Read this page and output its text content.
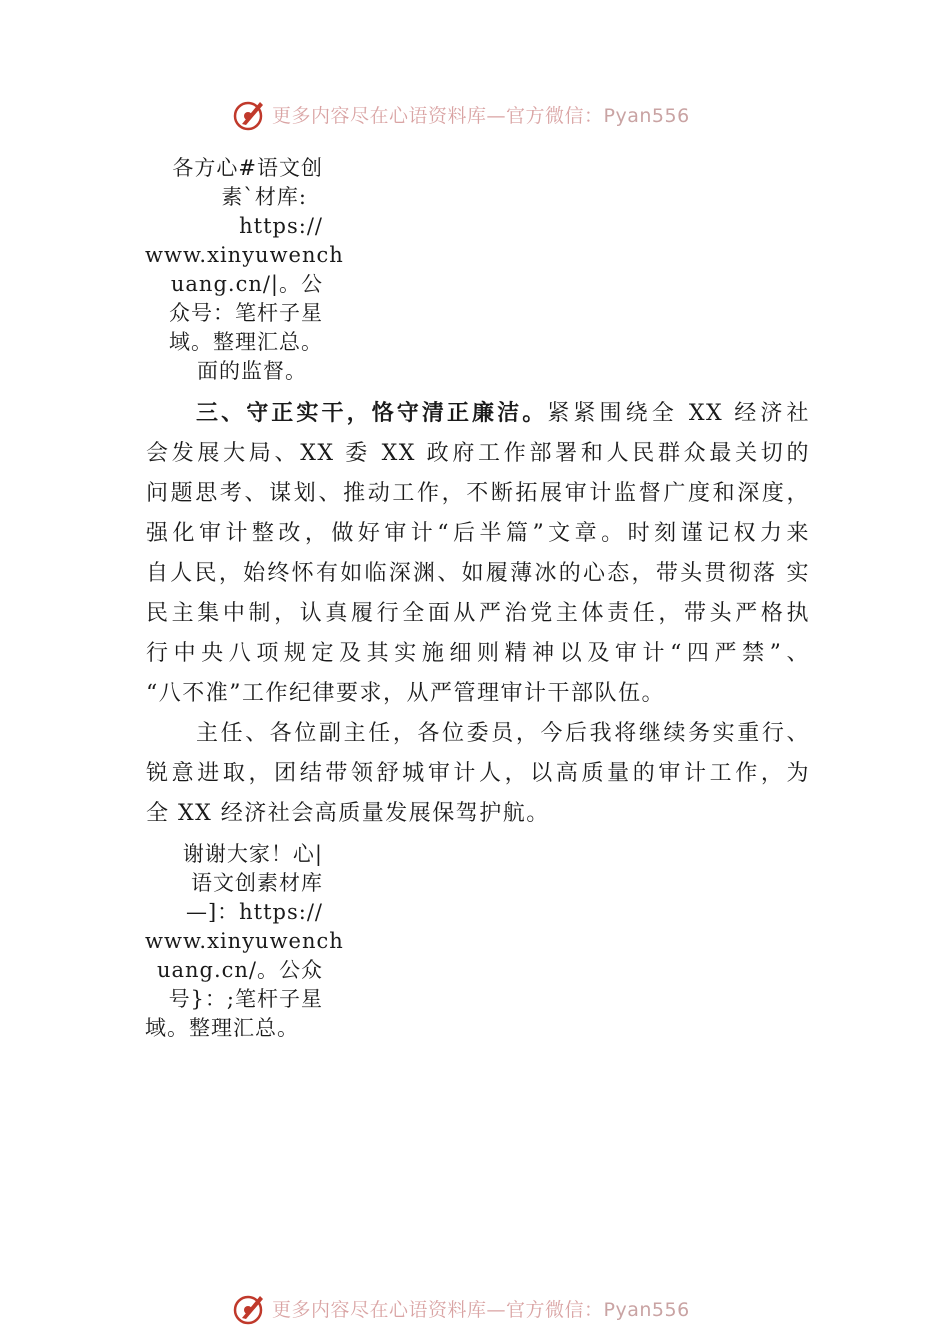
更多内容尽在心语资料库—官方微信：Pyan556
各方心#语文创
素`材库:
https://
www.xinyuwench
uang.cn/|。公
众号：笔杆子星
域。整理汇总。
面的监督。
三、守正实干，恪守清正廉洁。紧紧围绕全 XX 经济社
会发展大局、XX 委 XX 政府工作部署和人民群众最关切的
问题思考、谋划、推动工作，不断拓展审计监督广度和深度，
强化审计整改，做好审计“后半篇”文章。时刻谨记权力来
自人民，始终怀有如临深渊、如履薄冰的心态，带头贯彻落 实
民主集中制，认真履行全面从严治党主体责任，带头严格执
行中央八项规定及其实施细则精神以及审计“四严禁”、
“八不准”工作纪律要求，从严管理审计干部队伍。
主任、各位副主任，各位委员，今后我将继续务实重行、
锐意进取，团结带领舒城审计人，以高质量的审计工作，为
全 XX 经济社会高质量发展保驾护航。
谢谢大家！心|
语文创素材库
—]：https://
www.xinyuwench
uang.cn/。公众
号}：;笔杆子星
域。整理汇总。
更多内容尽在心语资料库—官方微信：Pyan556
